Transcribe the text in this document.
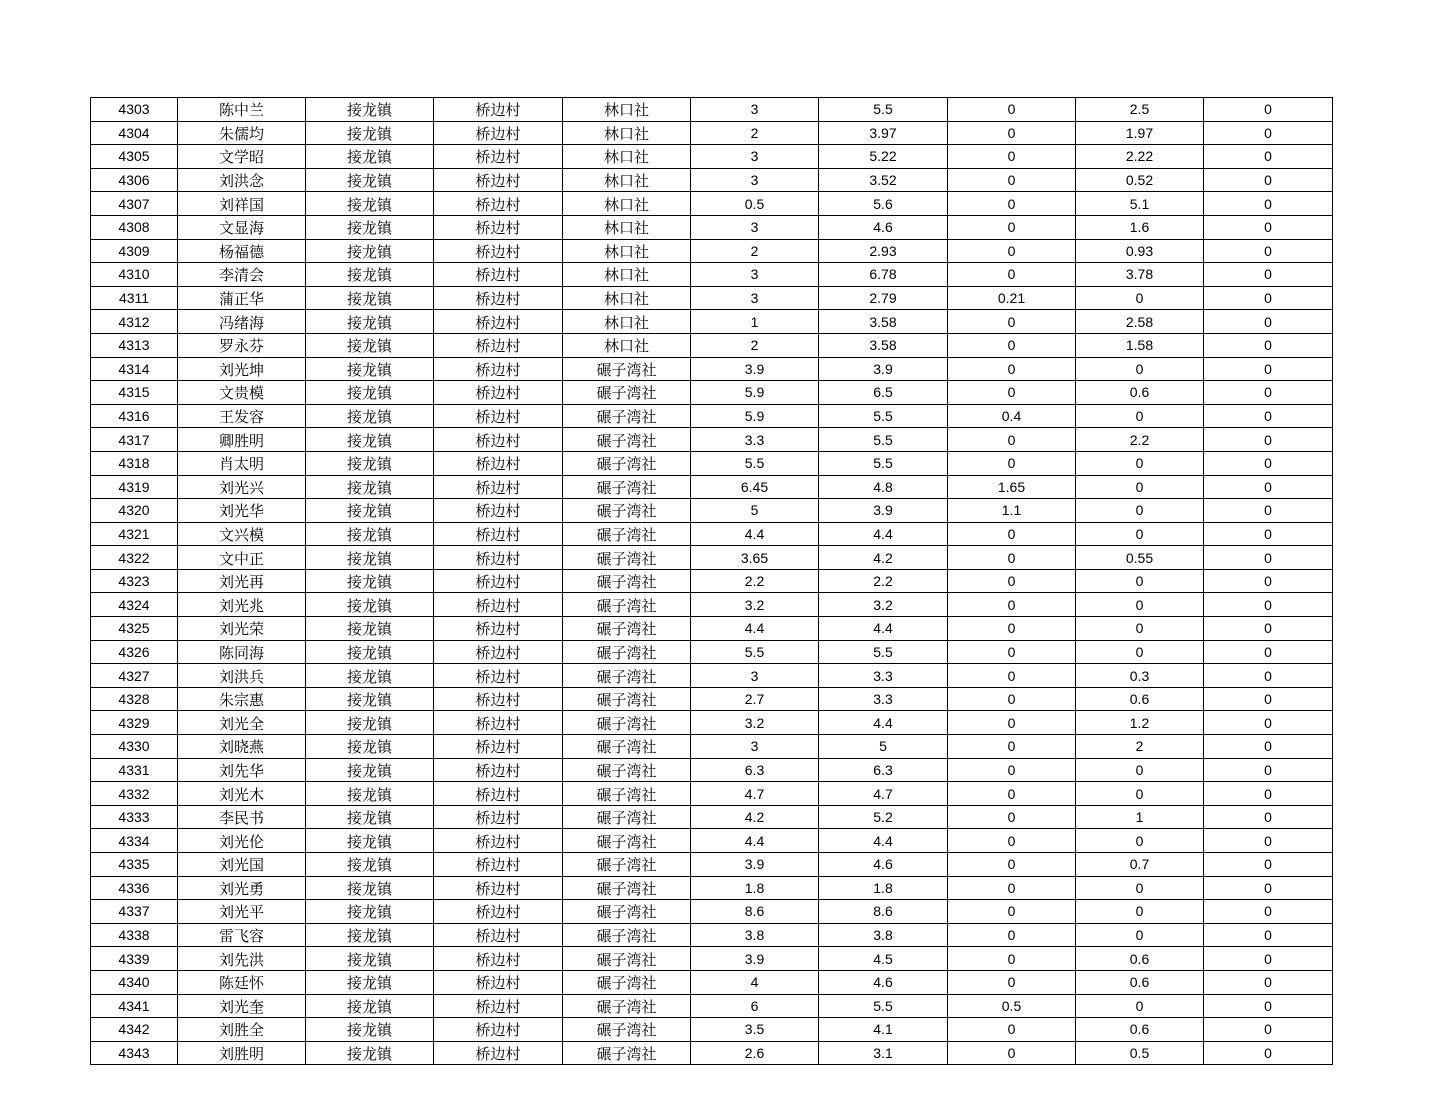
4303	陈中兰	接龙镇	桥边村	林口社	3	5.5	0	2.5	0
4304	朱儒均	接龙镇	桥边村	林口社	2	3.97	0	1.97	0
4305	文学昭	接龙镇	桥边村	林口社	3	5.22	0	2.22	0
4306	刘洪念	接龙镇	桥边村	林口社	3	3.52	0	0.52	0
4307	刘祥国	接龙镇	桥边村	林口社	0.5	5.6	0	5.1	0
4308	文显海	接龙镇	桥边村	林口社	3	4.6	0	1.6	0
4309	杨福德	接龙镇	桥边村	林口社	2	2.93	0	0.93	0
4310	李清会	接龙镇	桥边村	林口社	3	6.78	0	3.78	0
4311	蒲正华	接龙镇	桥边村	林口社	3	2.79	0.21	0	0
4312	冯绪海	接龙镇	桥边村	林口社	1	3.58	0	2.58	0
4313	罗永芬	接龙镇	桥边村	林口社	2	3.58	0	1.58	0
4314	刘光坤	接龙镇	桥边村	碾子湾社	3.9	3.9	0	0	0
4315	文贵模	接龙镇	桥边村	碾子湾社	5.9	6.5	0	0.6	0
4316	王发容	接龙镇	桥边村	碾子湾社	5.9	5.5	0.4	0	0
4317	卿胜明	接龙镇	桥边村	碾子湾社	3.3	5.5	0	2.2	0
4318	肖太明	接龙镇	桥边村	碾子湾社	5.5	5.5	0	0	0
4319	刘光兴	接龙镇	桥边村	碾子湾社	6.45	4.8	1.65	0	0
4320	刘光华	接龙镇	桥边村	碾子湾社	5	3.9	1.1	0	0
4321	文兴模	接龙镇	桥边村	碾子湾社	4.4	4.4	0	0	0
4322	文中正	接龙镇	桥边村	碾子湾社	3.65	4.2	0	0.55	0
4323	刘光再	接龙镇	桥边村	碾子湾社	2.2	2.2	0	0	0
4324	刘光兆	接龙镇	桥边村	碾子湾社	3.2	3.2	0	0	0
4325	刘光荣	接龙镇	桥边村	碾子湾社	4.4	4.4	0	0	0
4326	陈同海	接龙镇	桥边村	碾子湾社	5.5	5.5	0	0	0
4327	刘洪兵	接龙镇	桥边村	碾子湾社	3	3.3	0	0.3	0
4328	朱宗惠	接龙镇	桥边村	碾子湾社	2.7	3.3	0	0.6	0
4329	刘光全	接龙镇	桥边村	碾子湾社	3.2	4.4	0	1.2	0
4330	刘晓燕	接龙镇	桥边村	碾子湾社	3	5	0	2	0
4331	刘先华	接龙镇	桥边村	碾子湾社	6.3	6.3	0	0	0
4332	刘光木	接龙镇	桥边村	碾子湾社	4.7	4.7	0	0	0
4333	李民书	接龙镇	桥边村	碾子湾社	4.2	5.2	0	1	0
4334	刘光伦	接龙镇	桥边村	碾子湾社	4.4	4.4	0	0	0
4335	刘光国	接龙镇	桥边村	碾子湾社	3.9	4.6	0	0.7	0
4336	刘光勇	接龙镇	桥边村	碾子湾社	1.8	1.8	0	0	0
4337	刘光平	接龙镇	桥边村	碾子湾社	8.6	8.6	0	0	0
4338	雷飞容	接龙镇	桥边村	碾子湾社	3.8	3.8	0	0	0
4339	刘先洪	接龙镇	桥边村	碾子湾社	3.9	4.5	0	0.6	0
4340	陈廷怀	接龙镇	桥边村	碾子湾社	4	4.6	0	0.6	0
4341	刘光奎	接龙镇	桥边村	碾子湾社	6	5.5	0.5	0	0
4342	刘胜全	接龙镇	桥边村	碾子湾社	3.5	4.1	0	0.6	0
4343	刘胜明	接龙镇	桥边村	碾子湾社	2.6	3.1	0	0.5	0
